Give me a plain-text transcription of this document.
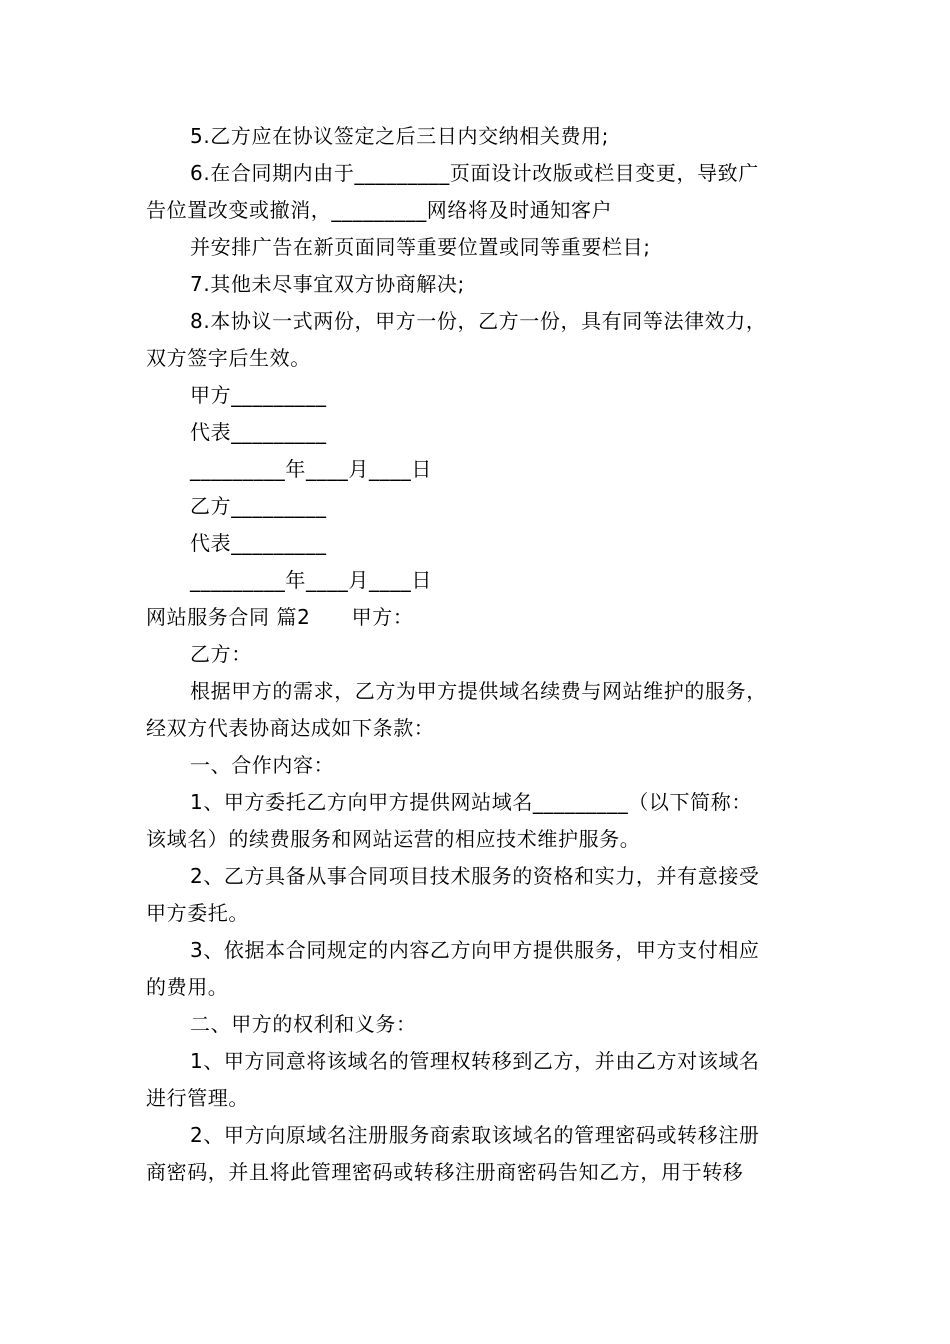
5.乙方应在协议签定之后三日内交纳相关费用;

6.在合同期内由于_________页面设计改版或栏目变更，导致广

告位置改变或撤消，_________网络将及时通知客户

并安排广告在新页面同等重要位置或同等重要栏目;

7.其他未尽事宜双方协商解决;

8.本协议一式两份，甲方一份，乙方一份，具有同等法律效力，

双方签字后生效。

甲方_________

代表_________

_________年____月____日

乙方_________

代表_________

_________年____月____日

网站服务合同 篇2　　甲方：

乙方：

根据甲方的需求，乙方为甲方提供域名续费与网站维护的服务，

经双方代表协商达成如下条款：

一、合作内容：

1、甲方委托乙方向甲方提供网站域名_________（以下简称：

该域名）的续费服务和网站运营的相应技术维护服务。

2、乙方具备从事合同项目技术服务的资格和实力，并有意接受

甲方委托。

3、依据本合同规定的内容乙方向甲方提供服务，甲方支付相应

的费用。

二、甲方的权利和义务：

1、甲方同意将该域名的管理权转移到乙方，并由乙方对该域名

进行管理。

2、甲方向原域名注册服务商索取该域名的管理密码或转移注册

商密码，并且将此管理密码或转移注册商密码告知乙方，用于转移
